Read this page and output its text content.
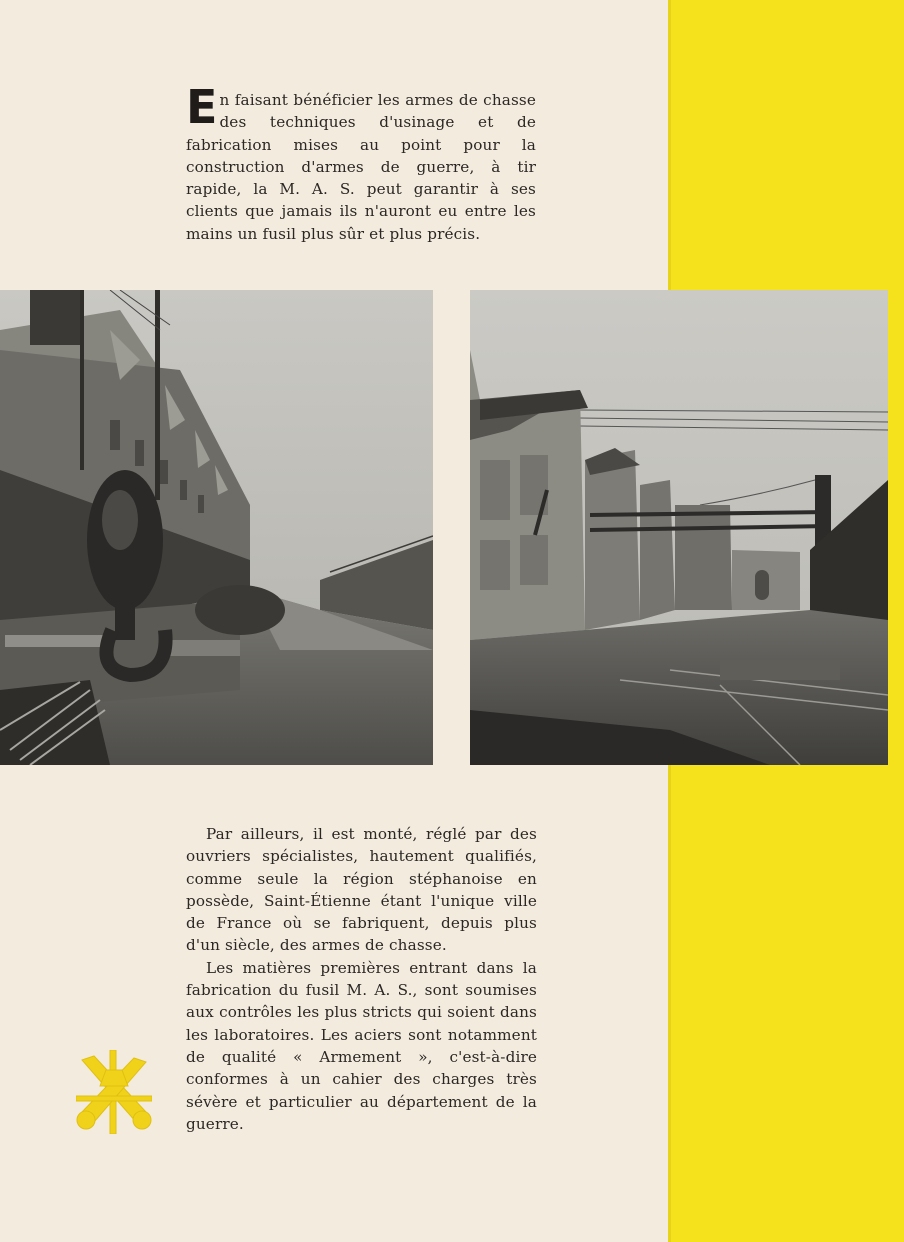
En faisant bénéficier les armes de chasse des techniques d'usinage et de fabrication mises au point pour la construction d'armes de guerre, à tir rapide, la M. A. S. peut garantir à ses clients que jamais ils n'auront eu entre les mains un fusil plus sûr et plus précis.

Par ailleurs, il est monté, réglé par des ouvriers spécialistes, hautement qualifiés, comme seule la région stéphanoise en possède, Saint-Étienne étant l'unique ville de France où se fabriquent, depuis plus d'un siècle, des armes de chasse.

Les matières premières entrant dans la fabrication du fusil M. A. S., sont soumises aux contrôles les plus stricts qui soient dans les laboratoires. Les aciers sont notamment de qualité « Armement », c'est-à-dire conformes à un cahier des charges très sévère et particulier au département de la guerre.
